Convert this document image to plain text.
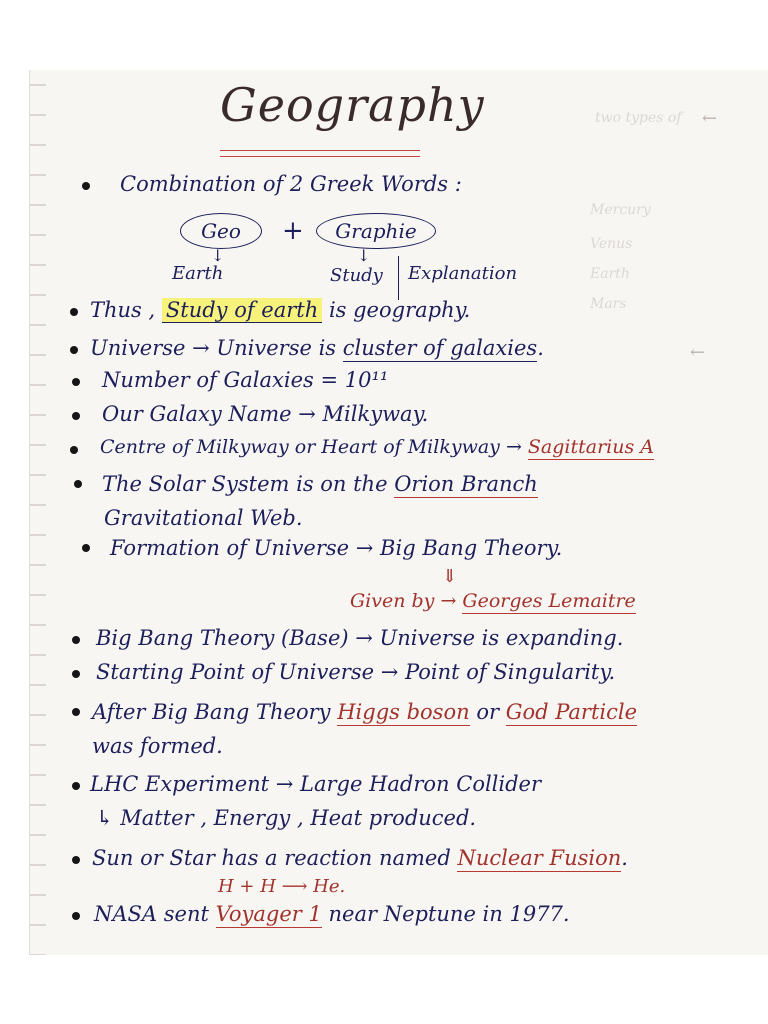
two types of ←
Mercury
Venus
Earth
Mars
←
Geography
Combination of 2 Greek Words :
Geo	+	Graphie
↓	↓
Earth	Study Explanation
Thus , Study of earth is geography.
Universe → Universe is cluster of galaxies.
Number of Galaxies = 10¹¹
Our Galaxy Name → Milkyway.
Centre of Milkyway or Heart of Milkyway → Sagittarius A
The Solar System is on the Orion Branch
Gravitational Web.
Formation of Universe → Big Bang Theory.
⇓
Given by → Georges Lemaitre
Big Bang Theory (Base) → Universe is expanding.
Starting Point of Universe → Point of Singularity.
After Big Bang Theory Higgs boson or God Particle
was formed.
LHC Experiment → Large Hadron Collider
↳ Matter , Energy , Heat produced.
Sun or Star has a reaction named Nuclear Fusion.
H + H ⟶ He.
NASA sent Voyager 1 near Neptune in 1977.
